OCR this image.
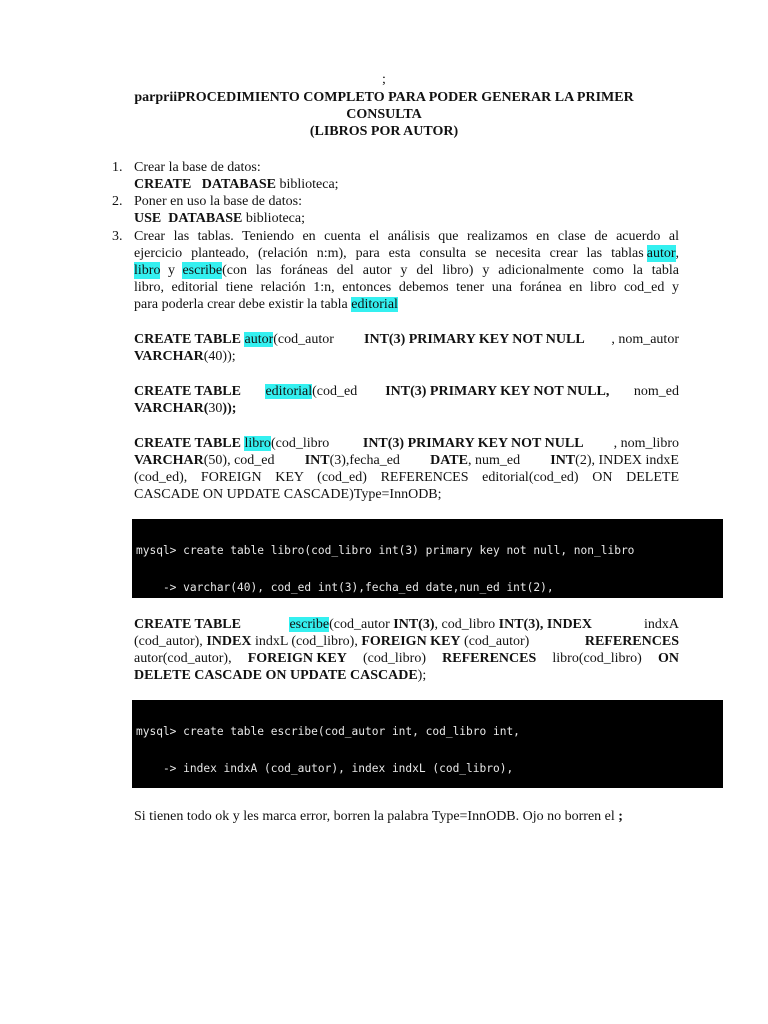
;
parpriiPROCEDIMIENTO COMPLETO PARA PODER GENERAR LA PRIMER
CONSULTA
(LIBROS POR AUTOR)
1. Crear la base de datos:
CREATE   DATABASE biblioteca;
2. Poner en uso la base de datos:
USE  DATABASE biblioteca;
3. Crear las tablas. Teniendo en cuenta el análisis que realizamos en clase de acuerdo al
ejercicio planteado, (relación n:m), para esta consulta se necesita crear las tablas autor ,
libro y escribe (con las foráneas del autor y del libro) y adicionalmente como la tabla
libro, editorial tiene relación 1:n, entonces debemos tener una foránea en libro cod_ed y
para poderla crear debe existir la tabla editorial
CREATE TABLE autor(cod_autor INT(3) PRIMARY KEY NOT NULL , nom_autor
VARCHAR(40));
CREATE TABLE editorial(cod_ed INT(3) PRIMARY KEY NOT NULL, nom_ed
VARCHAR(30));
CREATE TABLE libro(cod_libro INT(3) PRIMARY KEY NOT NULL , nom_libro
VARCHAR(50), cod_ed INT(3),fecha_ed DATE, num_ed INT(2), INDEX indxE
(cod_ed), FOREIGN KEY (cod_ed) REFERENCES editorial(cod_ed) ON DELETE
CASCADE ON UPDATE CASCADE)Type=InnODB;

mysql> create table libro(cod_libro int(3) primary key not null, non_libro

-> varchar(40), cod_ed int(3),fecha_ed date,nun_ed int(2),

CREATE TABLE	escribe(cod_autor INT(3), cod_libro INT(3), INDEX	indxA
(cod_autor), INDEX indxL (cod_libro), FOREIGN KEY (cod_autor)	REFERENCES
autor(cod_autor), FOREIGN KEY (cod_libro) REFERENCES libro(cod_libro) ON
DELETE CASCADE ON UPDATE CASCADE);

mysql> create table escribe(cod_autor int, cod_libro int,

-> index indxA (cod_autor), index indxL (cod_libro),

Si tienen todo ok y les marca error, borren la palabra Type=InnODB. Ojo no borren el ;
